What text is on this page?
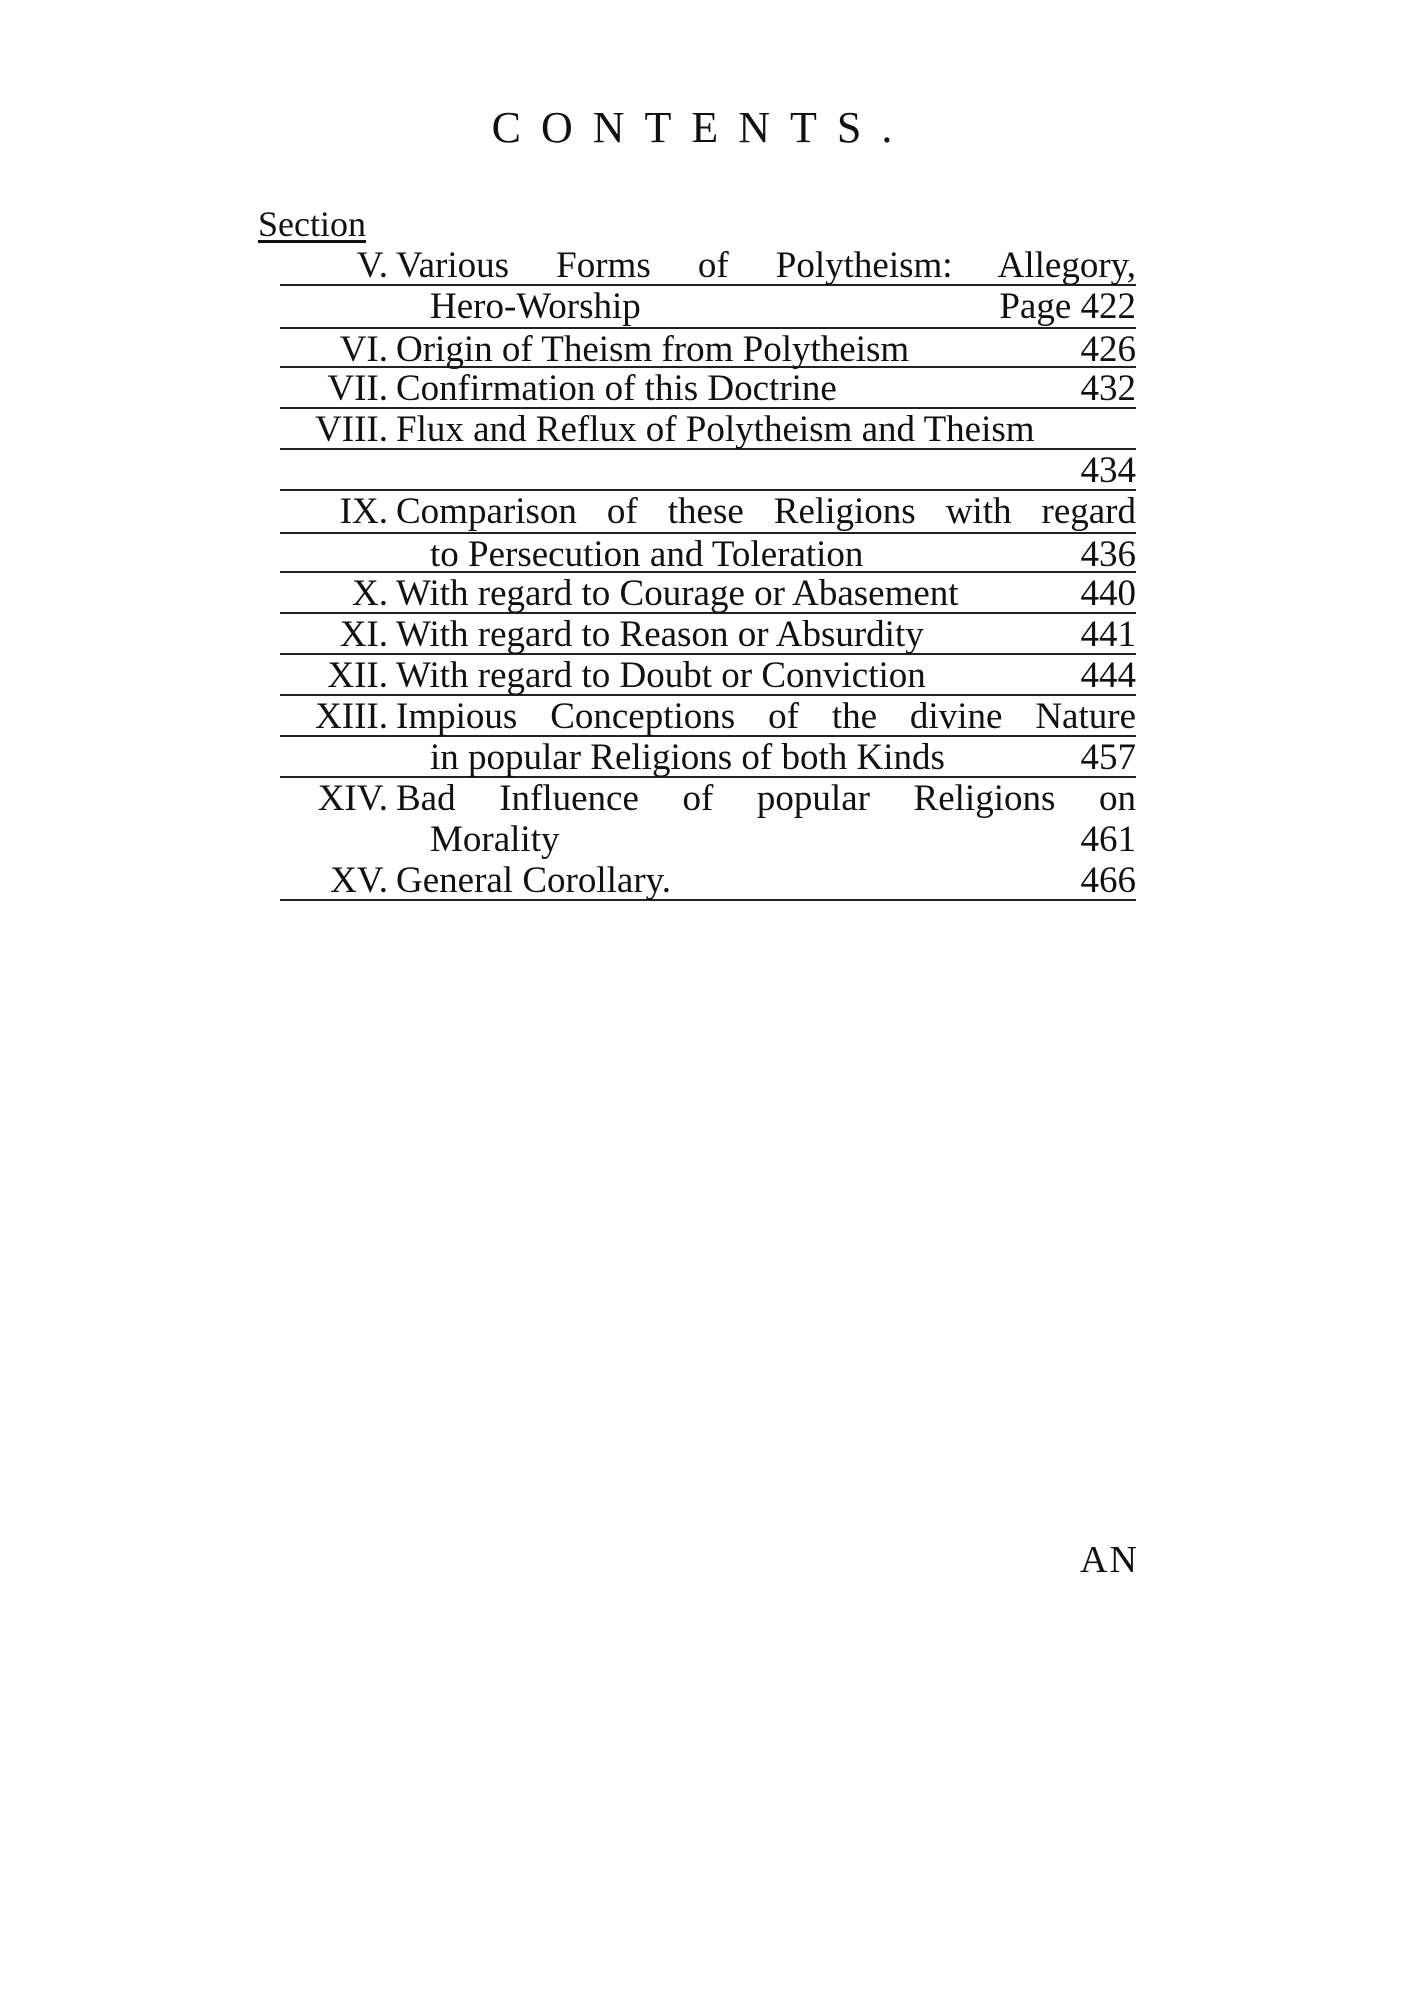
CONTENTS.
Section
V. Various Forms of Polytheism: Allegory,
Hero-Worship	Page 422
VI. Origin of Theism from Polytheism	426
VII. Confirmation of this Doctrine	432
VIII. Flux and Reflux of Polytheism and Theism
434
IX. Comparison of these Religions with regard
to Persecution and Toleration	436
X. With regard to Courage or Abasement	440
XI. With regard to Reason or Absurdity	441
XII. With regard to Doubt or Conviction	444
XIII. Impious Conceptions of the divine Nature
in popular Religions of both Kinds	457
XIV. Bad Influence of popular Religions on
Morality	461
XV. General Corollary.	466
AN
